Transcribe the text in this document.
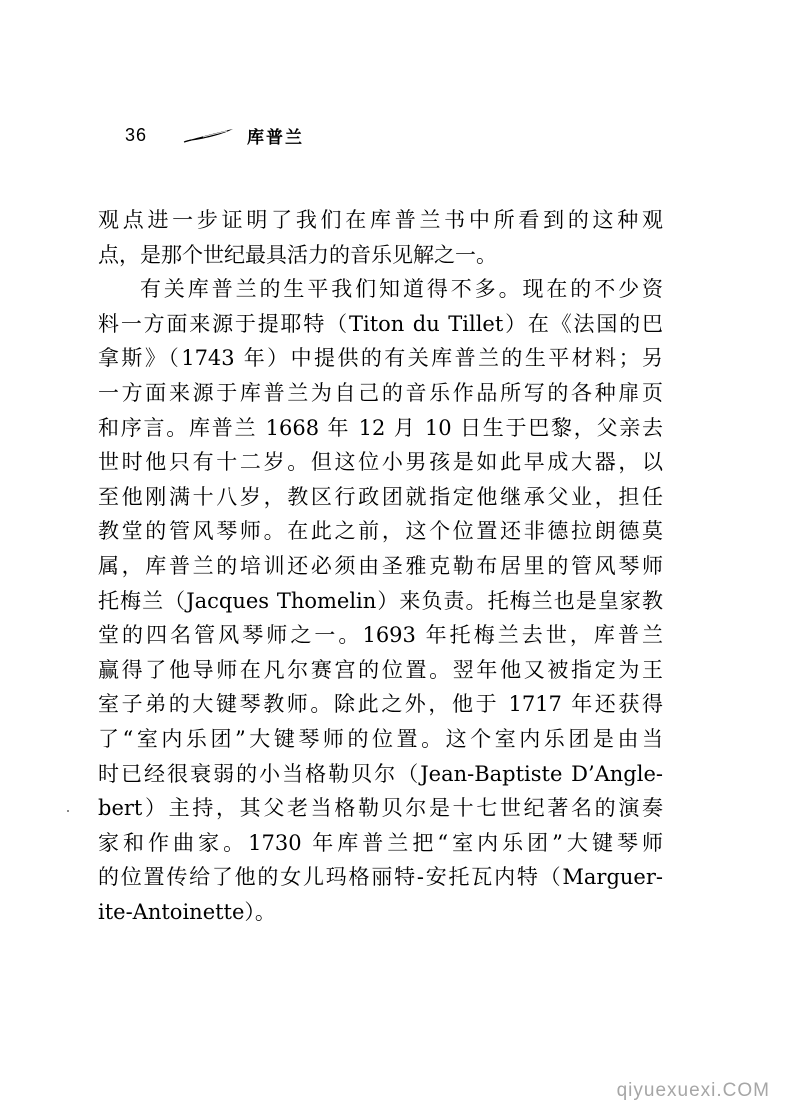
36	库普兰
观点进一步证明了我们在库普兰书中所看到的这种观
点，是那个世纪最具活力的音乐见解之一。
有关库普兰的生平我们知道得不多。现在的不少资
料一方面来源于提耶特（Titon du Tillet）在《法国的巴
拿斯》（1743 年）中提供的有关库普兰的生平材料；另
一方面来源于库普兰为自己的音乐作品所写的各种扉页
和序言。库普兰 1668 年 12 月 10 日生于巴黎，父亲去
世时他只有十二岁。但这位小男孩是如此早成大器，以
至他刚满十八岁，教区行政团就指定他继承父业，担任
教堂的管风琴师。在此之前，这个位置还非德拉朗德莫
属，库普兰的培训还必须由圣雅克勒布居里的管风琴师
托梅兰（Jacques Thomelin）来负责。托梅兰也是皇家教
堂的四名管风琴师之一。1693 年托梅兰去世，库普兰
赢得了他导师在凡尔赛宫的位置。翌年他又被指定为王
室子弟的大键琴教师。除此之外，他于 1717 年还获得
了“室内乐团”大键琴师的位置。这个室内乐团是由当
时已经很衰弱的小当格勒贝尔（Jean-Baptiste D’Angle-
bert）主持，其父老当格勒贝尔是十七世纪著名的演奏
家和作曲家。1730 年库普兰把“室内乐团”大键琴师
的位置传给了他的女儿玛格丽特-安托瓦内特（Marguer-
ite-Antoinette）。
qiyuexuexi.COM
